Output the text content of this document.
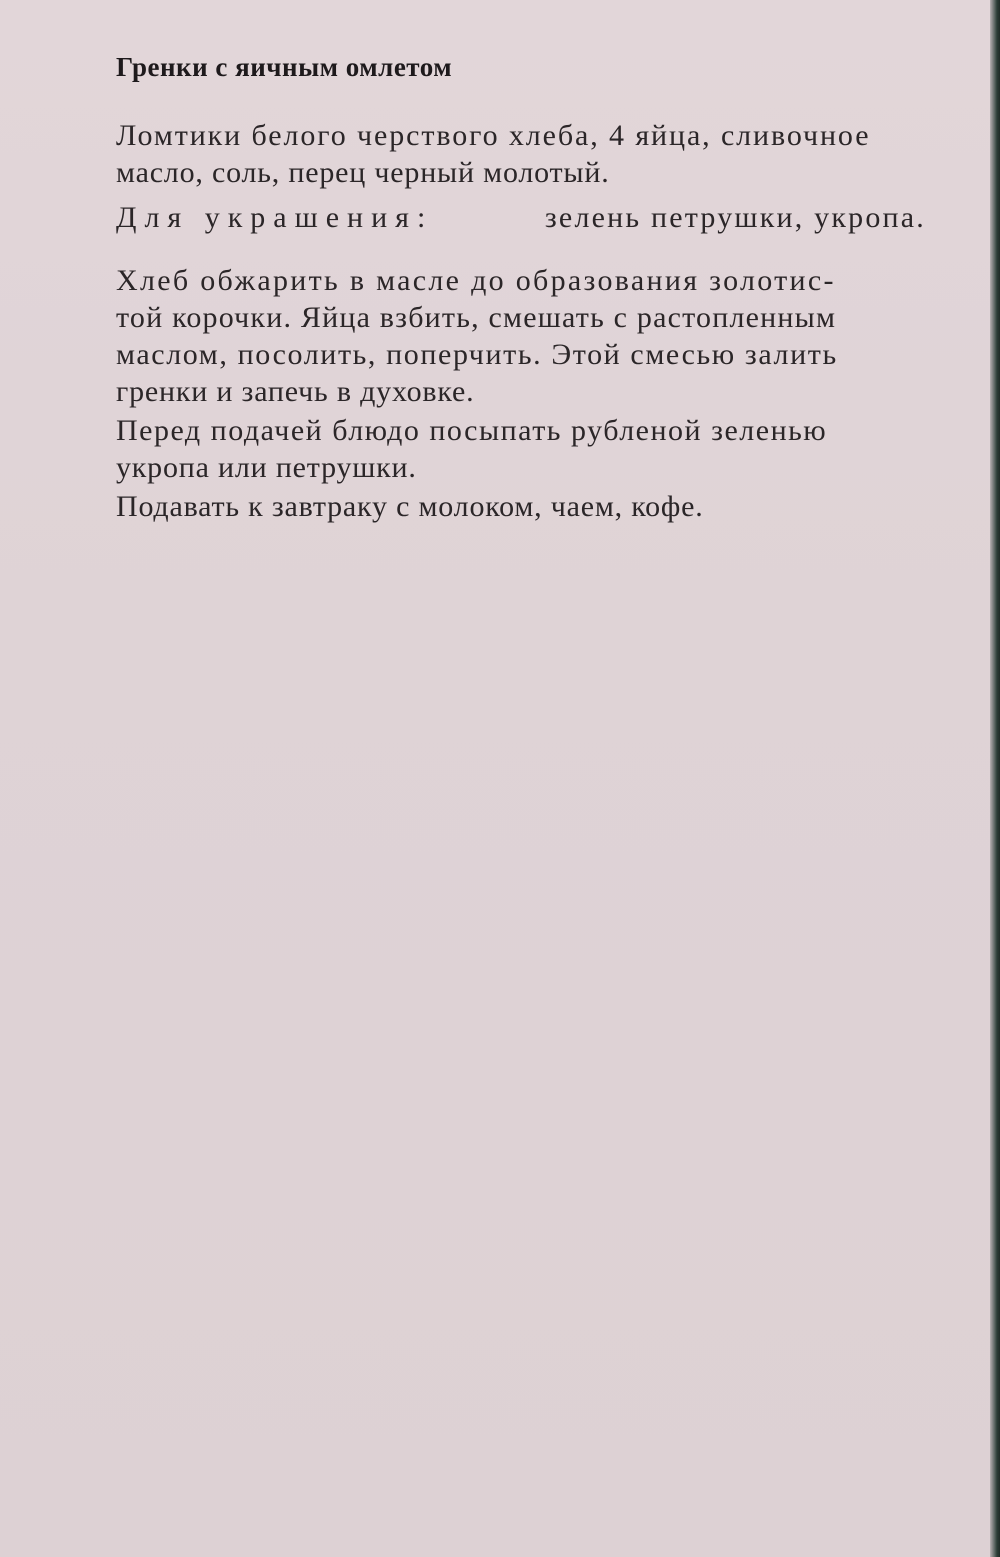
Гренки с яичным омлетом
Ломтики белого черствого хлеба, 4 яйца, сливочное
масло, соль, перец черный молотый.
Для украшения:	зелень петрушки, укропа.
Хлеб обжарить в масле до образования золотис-
той корочки. Яйца взбить, смешать с растопленным
маслом, посолить, поперчить. Этой смесью залить
гренки и запечь в духовке.
Перед подачей блюдо посыпать рубленой зеленью
укропа или петрушки.
Подавать к завтраку с молоком, чаем, кофе.
